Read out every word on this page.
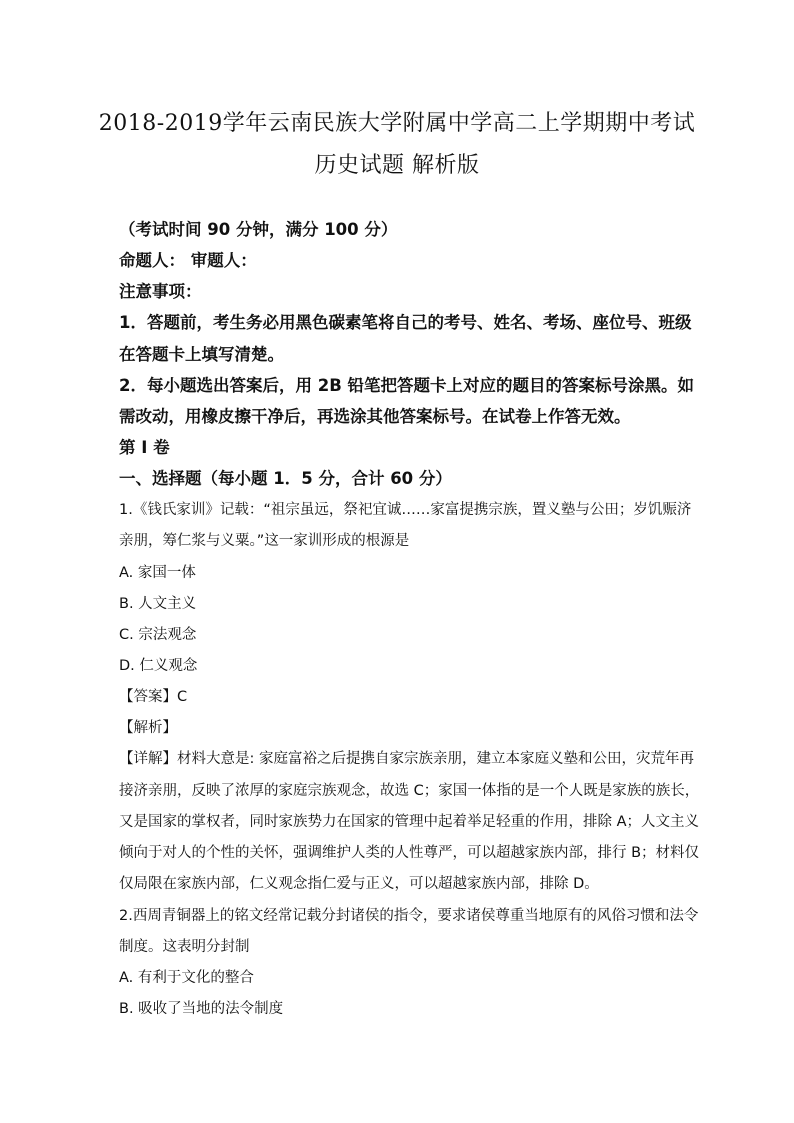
2018-2019学年云南民族大学附属中学高二上学期期中考试
历史试题 解析版
（考试时间 90 分钟，满分 100 分）
命题人： 审题人：
注意事项：
1．答题前，考生务必用黑色碳素笔将自己的考号、姓名、考场、座位号、班级
在答题卡上填写清楚。
2．每小题选出答案后，用 2B 铅笔把答题卡上对应的题目的答案标号涂黑。如
需改动，用橡皮擦干净后，再选涂其他答案标号。在试卷上作答无效。
第 I 卷
一、选择题（每小题 1．5 分，合计 60 分）
1.《钱氏家训》记载：“祖宗虽远，祭祀宜诚……家富提携宗族，置义塾与公田；岁饥赈济
亲朋，筹仁浆与义粟。”这一家训形成的根源是
A. 家国一体
B. 人文主义
C. 宗法观念
D. 仁义观念
【答案】C
【解析】
【详解】材料大意是: 家庭富裕之后提携自家宗族亲朋，建立本家庭义塾和公田，灾荒年再
接济亲朋，反映了浓厚的家庭宗族观念，故选 C；家国一体指的是一个人既是家族的族长，
又是国家的掌权者，同时家族势力在国家的管理中起着举足轻重的作用，排除 A；人文主义
倾向于对人的个性的关怀，强调维护人类的人性尊严，可以超越家族内部，排行 B；材料仅
仅局限在家族内部，仁义观念指仁爱与正义，可以超越家族内部，排除 D。
2.西周青铜器上的铭文经常记载分封诸侯的指令，要求诸侯尊重当地原有的风俗习惯和法令
制度。这表明分封制
A. 有利于文化的整合
B. 吸收了当地的法令制度
